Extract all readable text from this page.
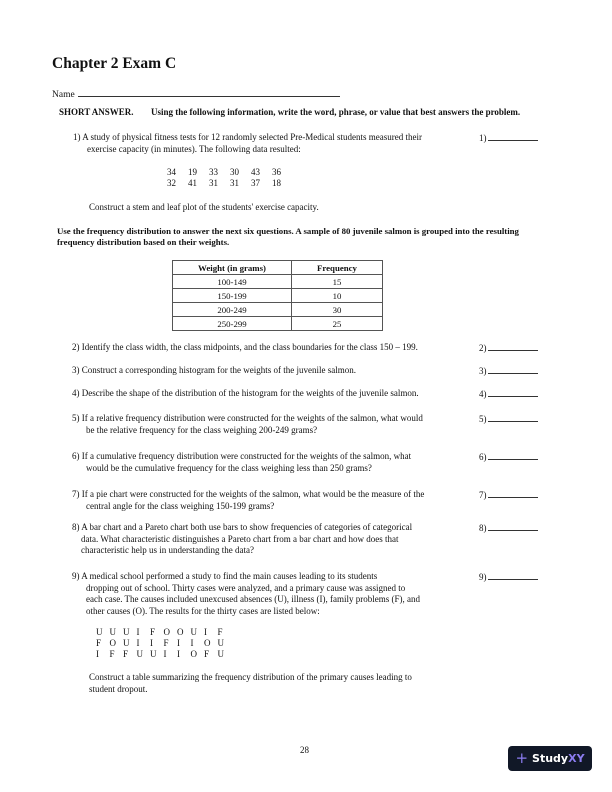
Chapter 2 Exam C
Name
SHORT ANSWER. Using the following information, write the word, phrase, or value that best answers the problem.
1) A study of physical fitness tests for 12 randomly selected Pre-Medical students measured their
exercise capacity (in minutes). The following data resulted:
1)
34 19 33 30 43 36
32 41 31 31 37 18
Construct a stem and leaf plot of the students' exercise capacity.
Use the frequency distribution to answer the next six questions. A sample of 80 juvenile salmon is grouped into the resulting frequency distribution based on their weights.
Weight (in grams)	Frequency
100-149	15
150-199	10
200-249	30
250-299	25
2) Identify the class width, the class midpoints, and the class boundaries for the class 150 – 199.	2)
3) Construct a corresponding histogram for the weights of the juvenile salmon.	3)
4) Describe the shape of the distribution of the histogram for the weights of the juvenile salmon.	4)
5) If a relative frequency distribution were constructed for the weights of the salmon, what would
be the relative frequency for the class weighing 200-249 grams?
5)
6) If a cumulative frequency distribution were constructed for the weights of the salmon, what
would be the cumulative frequency for the class weighing less than 250 grams?
6)
7) If a pie chart were constructed for the weights of the salmon, what would be the measure of the
central angle for the class weighing 150-199 grams?
7)
8) A bar chart and a Pareto chart both use bars to show frequencies of categories of categorical
data. What characteristic distinguishes a Pareto chart from a bar chart and how does that
characteristic help us in understanding the data?
8)
9) A medical school performed a study to find the main causes leading to its students
dropping out of school. Thirty cases were analyzed, and a primary cause was assigned to
each case. The causes included unexcused absences (U), illness (I), family problems (F), and
other causes (O). The results for the thirty cases are listed below:
9)
U U U I F O O U I F
F O U I I F I I O U
I F F U U I I O F U
Construct a table summarizing the frequency distribution of the primary causes leading to
student dropout.
28	+ Study XY
